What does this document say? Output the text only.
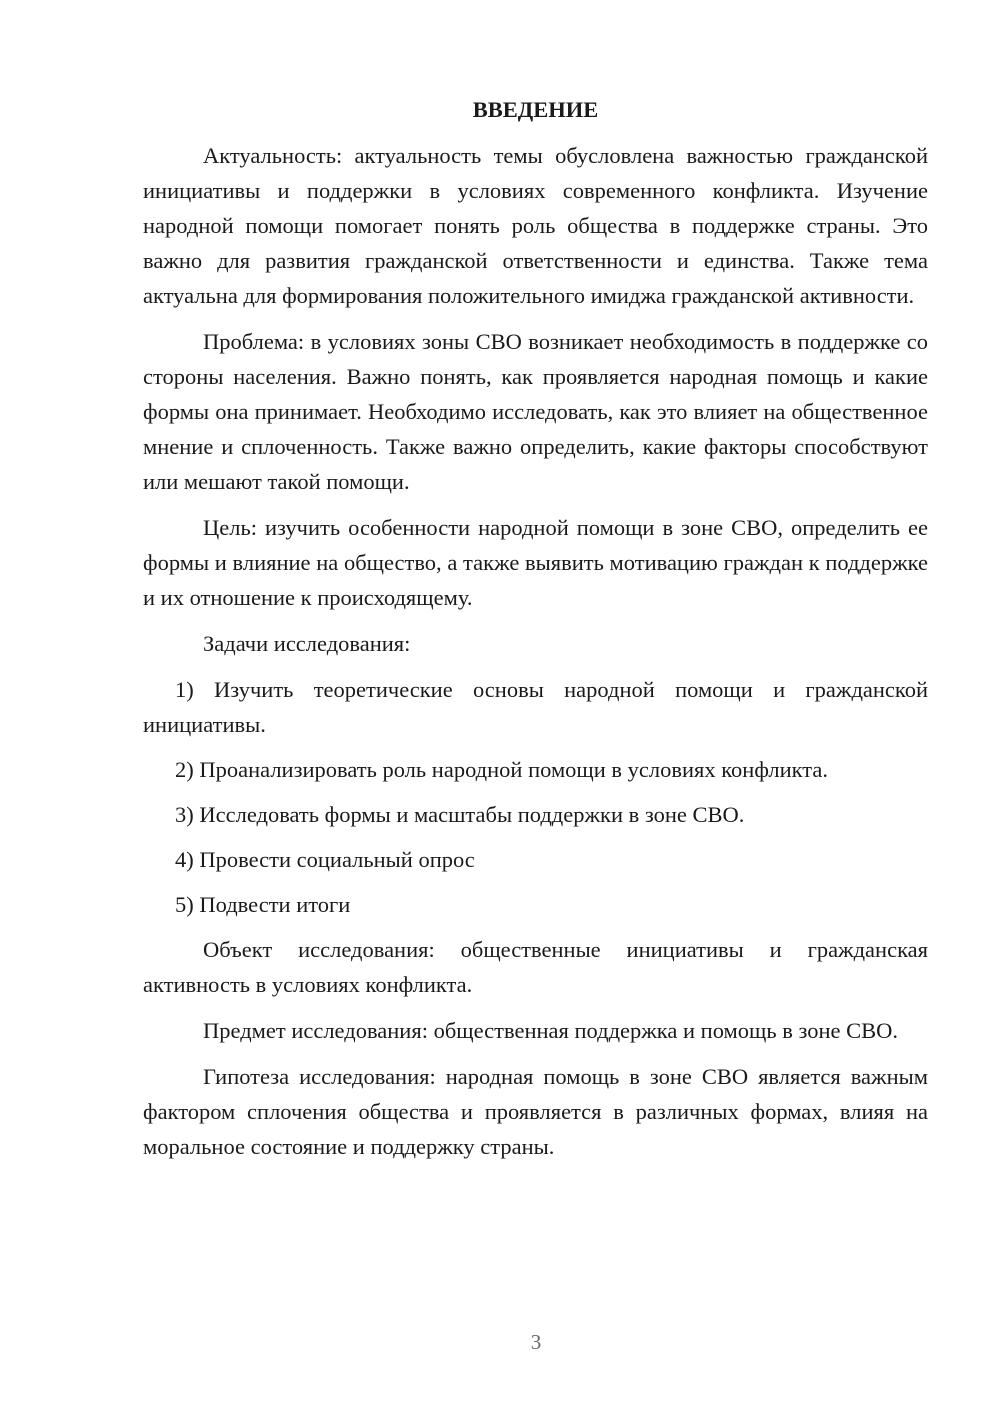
ВВЕДЕНИЕ

Актуальность: актуальность темы обусловлена важностью гражданской инициативы и поддержки в условиях современного конфликта. Изучение народной помощи помогает понять роль общества в поддержке страны. Это важно для развития гражданской ответственности и единства. Также тема актуальна для формирования положительного имиджа гражданской активности.

Проблема: в условиях зоны СВО возникает необходимость в поддержке со стороны населения. Важно понять, как проявляется народная помощь и какие формы она принимает. Необходимо исследовать, как это влияет на общественное мнение и сплоченность. Также важно определить, какие факторы способствуют или мешают такой помощи.

Цель: изучить особенности народной помощи в зоне СВО, определить ее формы и влияние на общество, а также выявить мотивацию граждан к поддержке и их отношение к происходящему.

Задачи исследования:

1) Изучить теоретические основы народной помощи и гражданской инициативы.

2) Проанализировать роль народной помощи в условиях конфликта.

3) Исследовать формы и масштабы поддержки в зоне СВО.

4) Провести социальный опрос

5) Подвести итоги

Объект исследования: общественные инициативы и гражданская активность в условиях конфликта.

Предмет исследования: общественная поддержка и помощь в зоне СВО.

Гипотеза исследования: народная помощь в зоне СВО является важным фактором сплочения общества и проявляется в различных формах, влияя на моральное состояние и поддержку страны.

3
